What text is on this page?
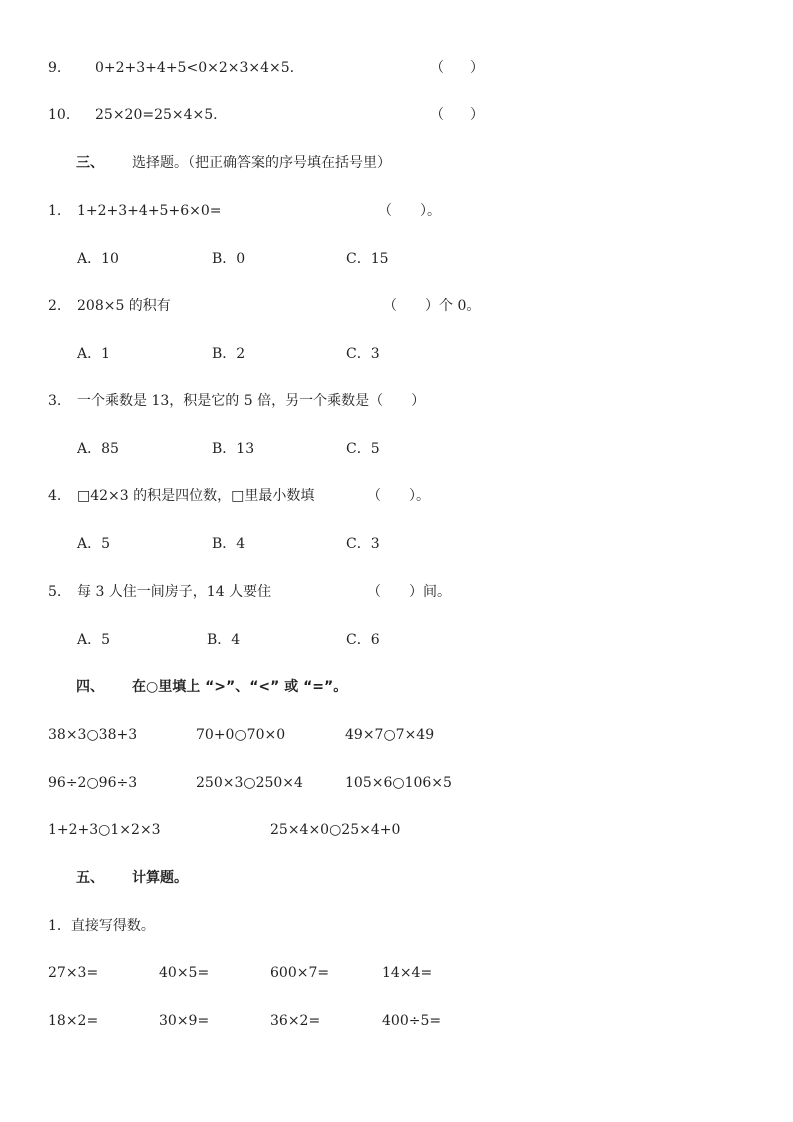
9. 0+2+3+4+5<0×2×3×4×5.	（ ）
10. 25×20=25×4×5.	（ ）
三、 选择题。（把正确答案的序号填在括号里）
1. 1+2+3+4+5+6×0=	（　　）。
A．10	B．0	C．15
2. 208×5 的积有	（　　）个 0。
A．1	B．2	C．3
3. 一个乘数是 13，积是它的 5 倍，另一个乘数是（　　）
A．85	B．13	C．5
4. □42×3 的积是四位数，□里最小数填	（　　）。
A．5	B．4	C．3
5. 每 3 人住一间房子，14 人要住	（　　）间。
A．5	B．4	C．6
四、 在○里填上 “>”、“<” 或 “=”。
38×3○38+3	70+0○70×0	49×7○7×49
96÷2○96÷3	250×3○250×4	105×6○106×5
1+2+3○1×2×3	25×4×0○25×4+0
五、 计算题。
1．直接写得数。
27×3=	40×5=	600×7=	14×4=
18×2=	30×9=	36×2=	400÷5=
